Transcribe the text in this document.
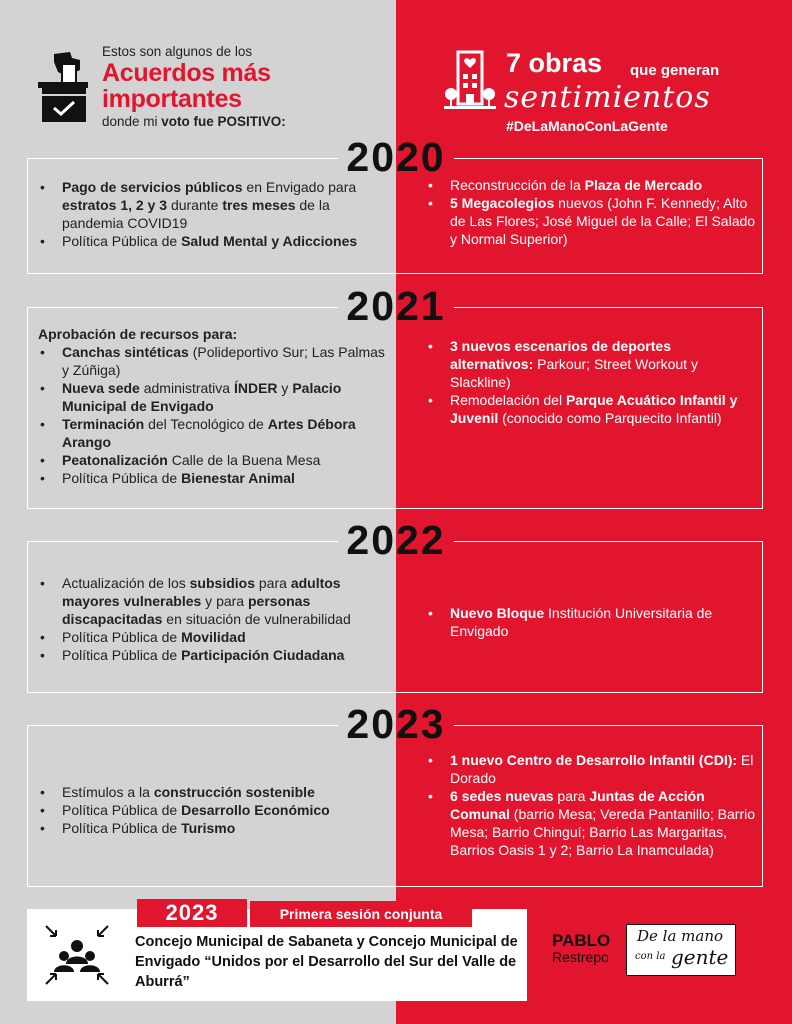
Estos son algunos de los
Acuerdos más
importantes
donde mi voto fue POSITIVO:
7 obras que generan
sentimientos
#DeLaManoConLaGente
2020
• Pago de servicios públicos en Envigado para estratos 1, 2 y 3 durante tres meses de la pandemia COVID19
• Política Pública de Salud Mental y Adicciones
• Reconstrucción de la Plaza de Mercado
• 5 Megacolegios nuevos (John F. Kennedy; Alto de Las Flores; José Miguel de la Calle; El Salado y Normal Superior)
2021
Aprobación de recursos para:
• Canchas sintéticas (Polideportivo Sur; Las Palmas y Zúñiga)
• Nueva sede administrativa ÍNDER y Palacio Municipal de Envigado
• Terminación del Tecnológico de Artes Débora Arango
• Peatonalización Calle de la Buena Mesa
• Política Pública de Bienestar Animal
• 3 nuevos escenarios de deportes alternativos: Parkour; Street Workout y Slackline)
• Remodelación del Parque Acuático Infantil y Juvenil (conocido como Parquecito Infantil)
2022
• Actualización de los subsidios para adultos mayores vulnerables y para personas discapacitadas en situación de vulnerabilidad
• Política Pública de Movilidad
• Política Pública de Participación Ciudadana
• Nuevo Bloque Institución Universitaria de Envigado
2023
• Estímulos a la construcción sostenible
• Política Pública de Desarrollo Económico
• Política Pública de Turismo
• 1 nuevo Centro de Desarrollo Infantil (CDI): El Dorado
• 6 sedes nuevas para Juntas de Acción Comunal (barrio Mesa; Vereda Pantanillo; Barrio Mesa; Barrio Chinguí; Barrio Las Margaritas, Barrios Oasis 1 y 2; Barrio La Inamculada)
2023	Primera sesión conjunta
Concejo Municipal de Sabaneta y Concejo Municipal de Envigado “Unidos por el Desarrollo del Sur del Valle de Aburrá”
PABLO
Restrepo
De la mano
con la gente
